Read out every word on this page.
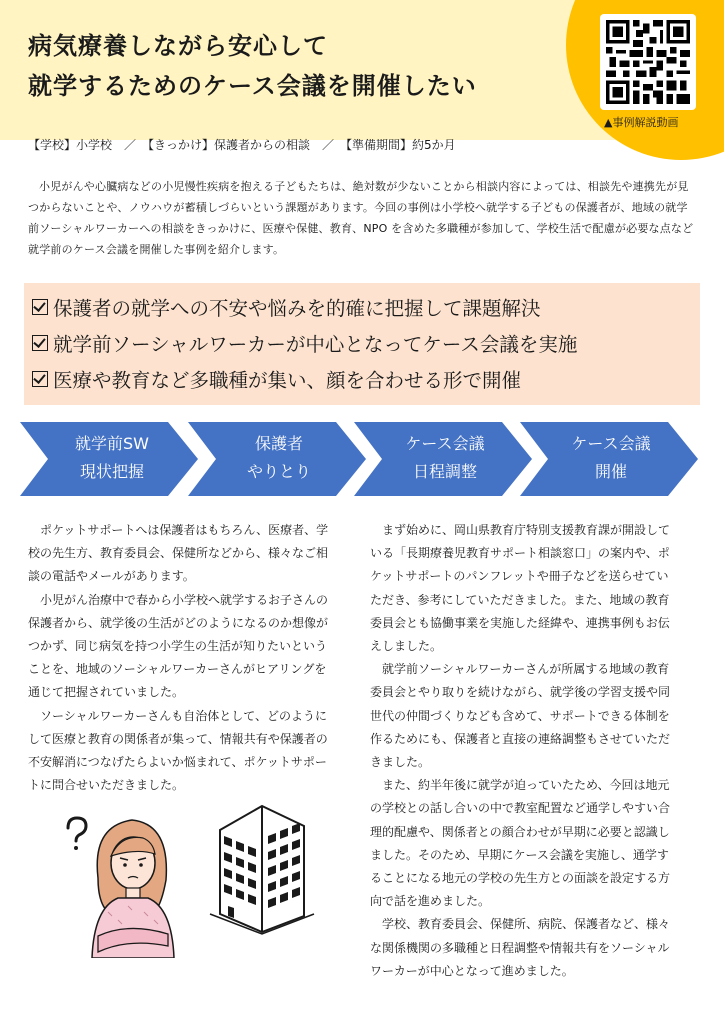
病気療養しながら安心して
就学するためのケース会議を開催したい
▲事例解説動画
【学校】小学校　／　【きっかけ】保護者からの相談　／　【準備期間】約5か月

小児がんや心臓病などの小児慢性疾病を抱える子どもたちは、絶対数が少ないことから相談内容によっては、相談先や連携先が見つからないことや、ノウハウが蓄積しづらいという課題があります。今回の事例は小学校へ就学する子どもの保護者が、地域の就学前ソーシャルワーカーへの相談をきっかけに、医療や保健、教育、NPO を含めた多職種が参加して、学校生活で配慮が必要な点など就学前のケース会議を開催した事例を紹介します。

保護者の就学への不安や悩みを的確に把握して課題解決
就学前ソーシャルワーカーが中心となってケース会議を実施
医療や教育など多職種が集い、顔を合わせる形で開催
就学前SW
現状把握
保護者
やりとり
ケース会議
日程調整
ケース会議
開催

ポケットサポートへは保護者はもちろん、医療者、学校の先生方、教育委員会、保健所などから、様々なご相談の電話やメールがあります。

小児がん治療中で春から小学校へ就学するお子さんの保護者から、就学後の生活がどのようになるのか想像がつかず、同じ病気を持つ小学生の生活が知りたいということを、地域のソーシャルワーカーさんがヒアリングを通じて把握されていました。

ソーシャルワーカーさんも自治体として、どのようにして医療と教育の関係者が集って、情報共有や保護者の不安解消につなげたらよいか悩まれて、ポケットサポートに問合せいただきました。

まず始めに、岡山県教育庁特別支援教育課が開設している「長期療養児教育サポート相談窓口」の案内や、ポケットサポートのパンフレットや冊子などを送らせていただき、参考にしていただきました。また、地域の教育委員会とも協働事業を実施した経緯や、連携事例もお伝えしました。

就学前ソーシャルワーカーさんが所属する地域の教育委員会とやり取りを続けながら、就学後の学習支援や同世代の仲間づくりなども含めて、サポートできる体制を作るためにも、保護者と直接の連絡調整もさせていただきました。

また、約半年後に就学が迫っていたため、今回は地元の学校との話し合いの中で教室配置など通学しやすい合理的配慮や、関係者との顔合わせが早期に必要と認識しました。そのため、早期にケース会議を実施し、通学することになる地元の学校の先生方との面談を設定する方向で話を進めました。

学校、教育委員会、保健所、病院、保護者など、様々な関係機関の多職種と日程調整や情報共有をソーシャルワーカーが中心となって進めました。
